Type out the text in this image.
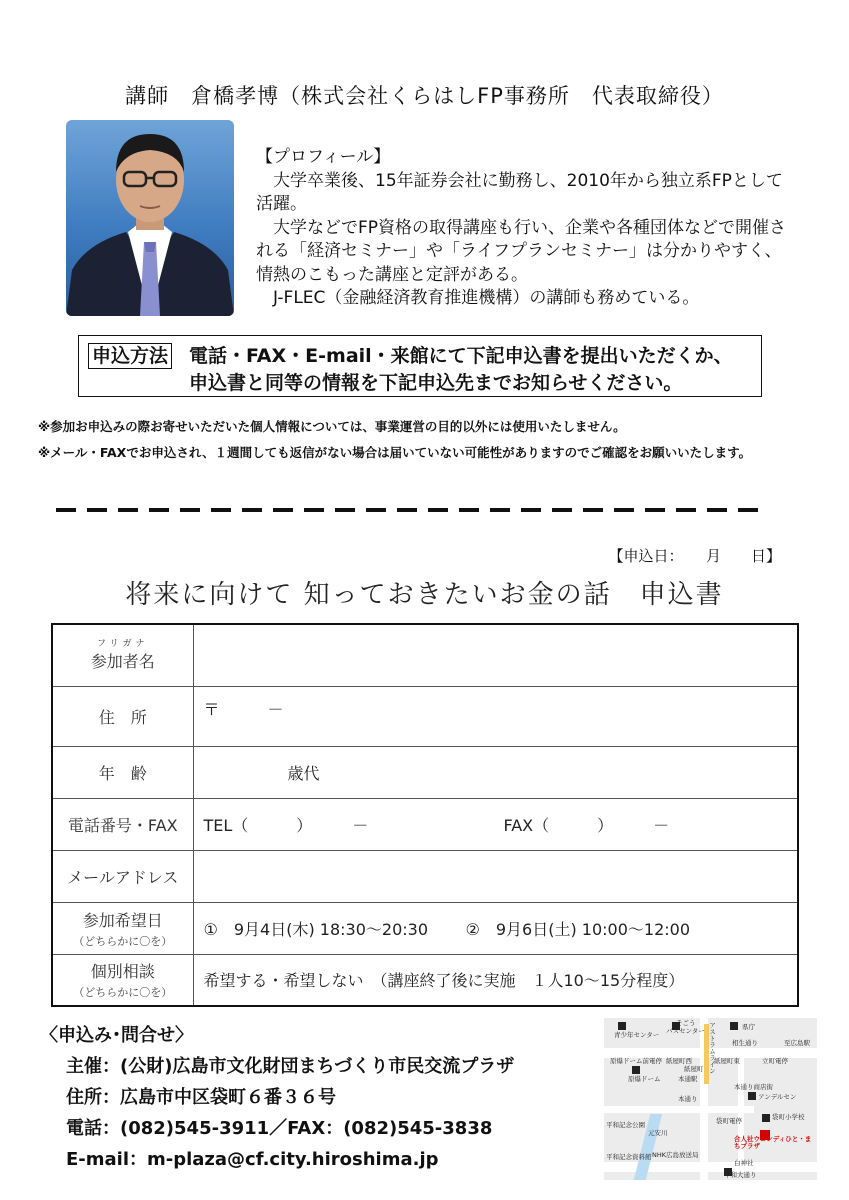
講師 倉橋孝博（株式会社くらはしFP事務所　代表取締役）

【プロフィール】

大学卒業後、15年証券会社に勤務し、2010年から独立系FPとして活躍。

大学などでFP資格の取得講座も行い、企業や各種団体などで開催される「経済セミナー」や「ライフプランセミナー」は分かりやすく、情熱のこもった講座と定評がある。

J-FLEC（金融経済教育推進機構）の講師も務めている。

申込方法 電話・FAX・E-mail・来館にて下記申込書を提出いただくか、
申込書と同等の情報を下記申込先までお知らせください。
※参加お申込みの際お寄せいただいた個人情報については、事業運営の目的以外には使用いたしません。
※メール・FAXでお申込され、１週間しても返信がない場合は届いていない可能性がありますのでご確認をお願いいたします。
【申込日：　　月　　日】
将来に向けて 知っておきたいお金の話　申込書
フリガナ
参加者名	
住　所	〒　　　－
年　齢	歳代
電話番号・FAX	TEL（　　　）　　　－ FAX（　　　）　　　－
メールアドレス	
参加希望日
（どちらかに〇を）	①　9月4日(木) 18:30～20:30 ②　9月6日(土) 10:00～12:00
個別相談
（どちらかに〇を）	希望する・希望しない　（講座終了後に実施　１人10～15分程度）
〈申込み･問合せ〉
主催：(公財)広島市文化財団まちづくり市民交流プラザ
住所：広島市中区袋町６番３６号
電話：(082)545-3911／FAX：(082)545-3838
E-mail：m-plaza@cf.city.hiroshima.jp
青少年センター
そごう
バスセンター	県庁
紙屋町西	紙屋町東
紙屋町
相生通り
立町電停
至広島駅
原爆ドーム前電停
原爆ドーム	本通駅
本通り
本通り商店街
アンデルセン
袋町小学校
袋町電停
平和記念公園
元安川
NHK広島放送局
平和記念資料館
白神社
平和大通り
合人社ウェンディひと・まちプラザ
アストラムライン
